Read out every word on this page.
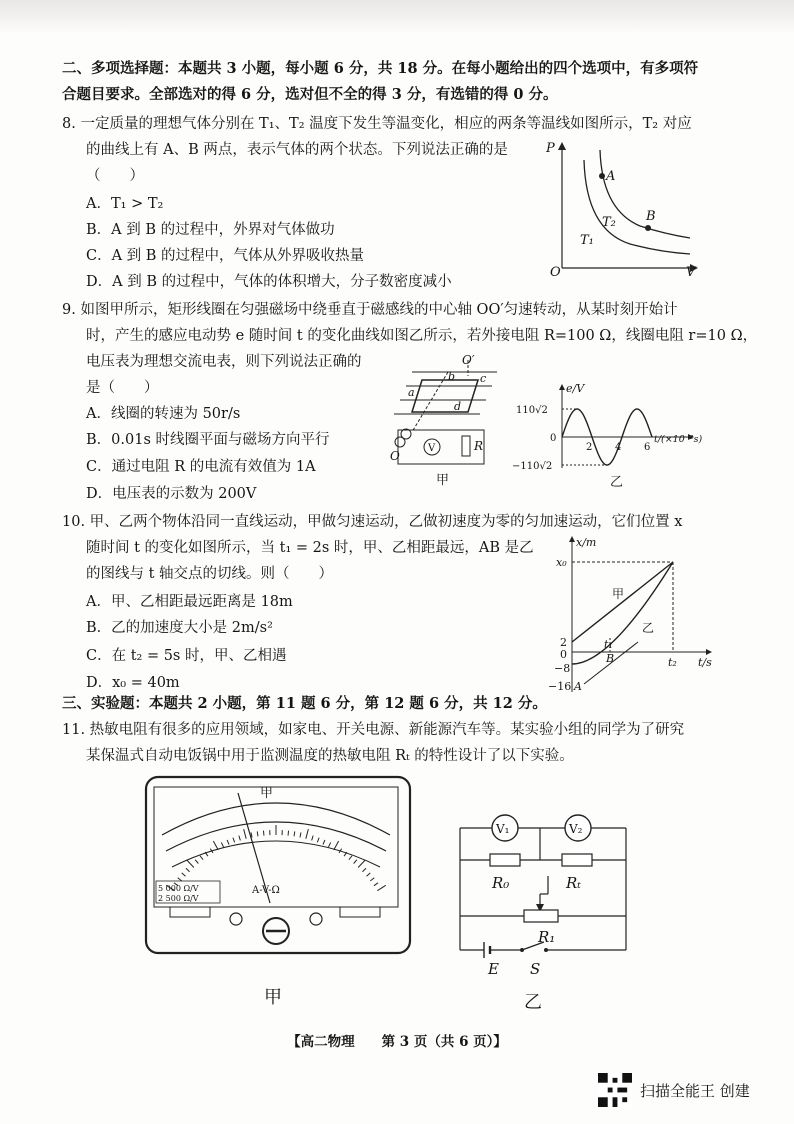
二、多项选择题：本题共 3 小题，每小题 6 分，共 18 分。在每小题给出的四个选项中，有多项符
合题目要求。全部选对的得 6 分，选对但不全的得 3 分，有选错的得 0 分。
8. 一定质量的理想气体分别在 T₁、T₂ 温度下发生等温变化，相应的两条等温线如图所示，T₂ 对应
的曲线上有 A、B 两点，表示气体的两个状态。下列说法正确的是
（　　）
A．T₁ > T₂
B．A 到 B 的过程中，外界对气体做功
C．A 到 B 的过程中，气体从外界吸收热量
D．A 到 B 的过程中，气体的体积增大，分子数密度减小
P
V
O
A
B
T₂
T₁
9. 如图甲所示，矩形线圈在匀强磁场中绕垂直于磁感线的中心轴 OO′匀速转动，从某时刻开始计
时，产生的感应电动势 e 随时间 t 的变化曲线如图乙所示，若外接电阻 R=100 Ω，线圈电阻 r=10 Ω，
电压表为理想交流电表，则下列说法正确的
是（　　）
A．线圈的转速为 50r/s
B．0.01s 时线圈平面与磁场方向平行
C．通过电阻 R 的电流有效值为 1A
D．电压表的示数为 200V
V	R
O′
O
b c
a
d
甲
e/V
110√2
0
−110√2
2 4 6
t/(×10⁻²s)
乙
10. 甲、乙两个物体沿同一直线运动，甲做匀速运动，乙做初速度为零的匀加速运动，它们位置 x
随时间 t 的变化如图所示，当 t₁ = 2s 时，甲、乙相距最远，AB 是乙
的图线与 t 轴交点的切线。则（　　）
A．甲、乙相距最远距离是 18m
B．乙的加速度大小是 2m/s²
C．在 t₂ = 5s 时，甲、乙相遇
D．x₀ = 40m
x/m
x₀
2
0
−8
−16
甲
乙
t₁
B
A
t₂ t/s
三、实验题：本题共 2 小题，第 11 题 6 分，第 12 题 6 分，共 12 分。
11. 热敏电阻有很多的应用领域，如家电、开关电源、新能源汽车等。某实验小组的同学为了研究
某保温式自动电饭锅中用于监测温度的热敏电阻 Rₜ 的特性设计了以下实验。
5 000 Ω/V
2 500 Ω/V
A-V-Ω
甲
甲
V₁	V₂
R₀	Rₜ
R₁
E S
乙
【高二物理　　第 3 页（共 6 页）】
扫描全能王 创建
